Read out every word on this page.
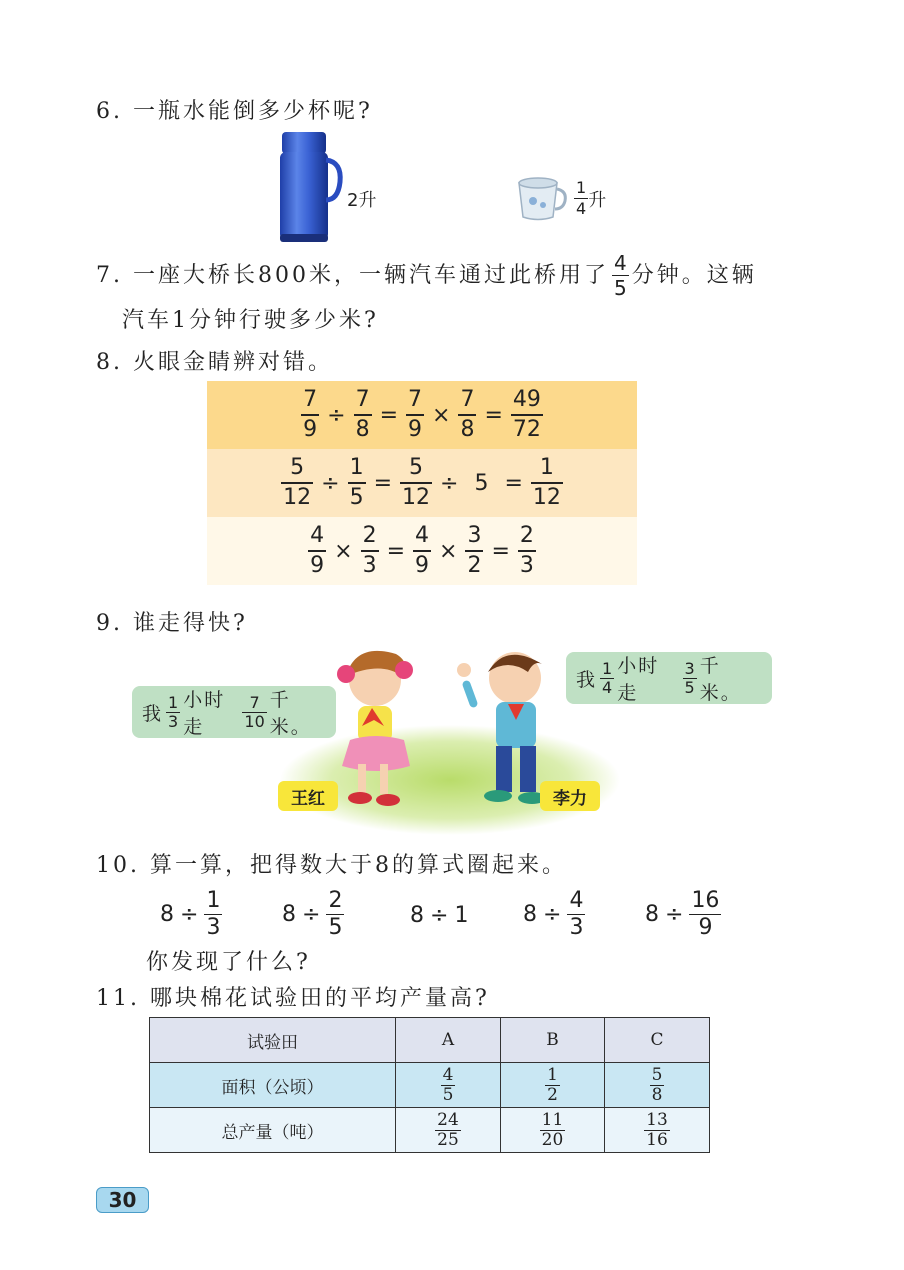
6. 一瓶水能倒多少杯呢?
2升	$\frac{1}{4}$ 升
7. 一座大桥长800米，一辆汽车通过此桥用了 $\frac{4}{5}$ 分钟。这辆
汽车1分钟行驶多少米?
8. 火眼金睛辨对错。
$\frac{7}{9} \div \frac{7}{8} = \frac{7}{9} \times \frac{7}{8} = \frac{49}{72}$
$\frac{5}{12} \div \frac{1}{5} = \frac{5}{12} \div 5 = \frac{1}{12}$
$\frac{4}{9} \times \frac{2}{3} = \frac{4}{9} \times \frac{3}{2} = \frac{2}{3}$
9. 谁走得快?
我 $\frac{1}{3}$ 小时走	$\frac{7}{10}$ 千米。
我 $\frac{1}{4}$ 小时走	$\frac{3}{5}$ 千米。
王红	李力
10. 算一算，把得数大于8的算式圈起来。
$8 \div \frac{1}{3}$	$8 \div \frac{2}{5}$	8 ÷ 1 $8 \div \frac{4}{3}$	$8 \div \frac{16}{9}$
你发现了什么?
11. 哪块棉花试验田的平均产量高?
试验田	A	B	C
面积（公顷）	$\frac{4}{5}$	$\frac{1}{2}$	$\frac{5}{8}$

总产量（吨）	$\frac{24}{25}$	$\frac{11}{20}$	$\frac{13}{16}$
30
